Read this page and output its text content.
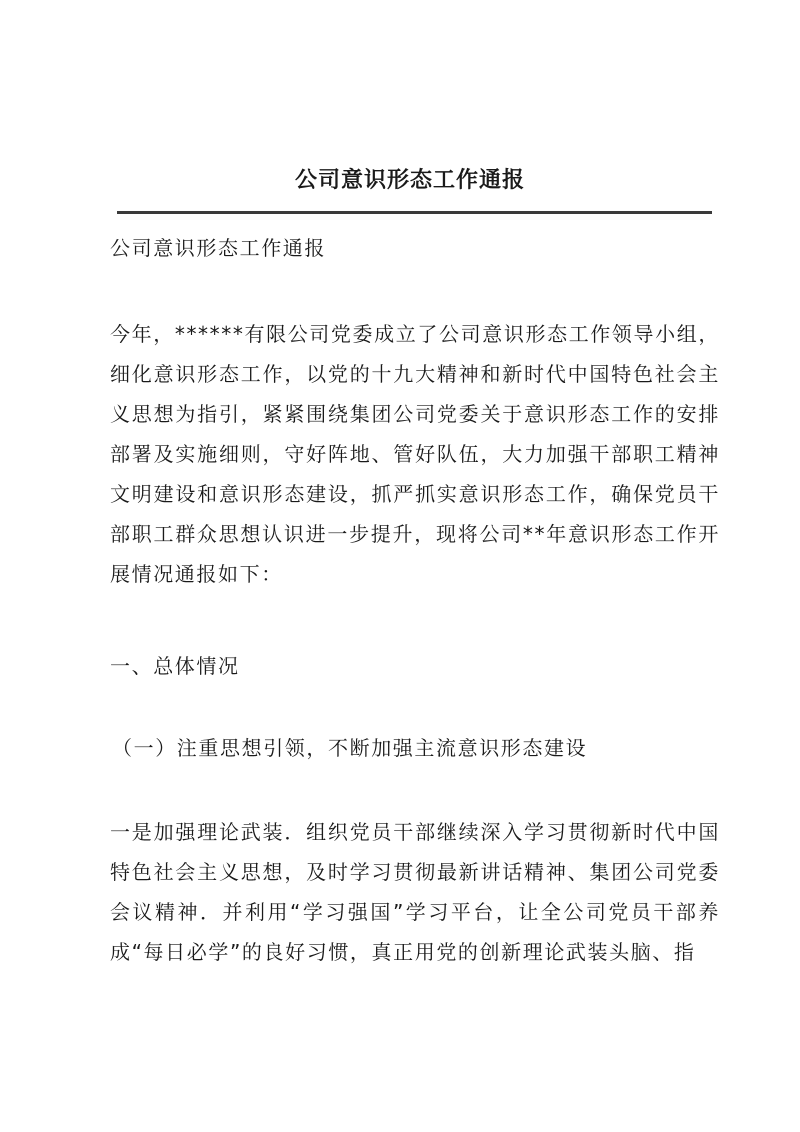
公司意识形态工作通报

公司意识形态工作通报

今年，******有限公司党委成立了公司意识形态工作领导小组，细化意识形态工作，以党的十九大精神和新时代中国特色社会主义思想为指引，紧紧围绕集团公司党委关于意识形态工作的安排部署及实施细则，守好阵地、管好队伍，大力加强干部职工精神文明建设和意识形态建设，抓严抓实意识形态工作，确保党员干部职工群众思想认识进一步提升，现将公司**年意识形态工作开展情况通报如下：

一、总体情况

（一）注重思想引领，不断加强主流意识形态建设

一是加强理论武装．组织党员干部继续深入学习贯彻新时代中国特色社会主义思想，及时学习贯彻最新讲话精神、集团公司党委会议精神．并利用“学习强国”学习平台，让全公司党员干部养成“每日必学”的良好习惯，真正用党的创新理论武装头脑、指
